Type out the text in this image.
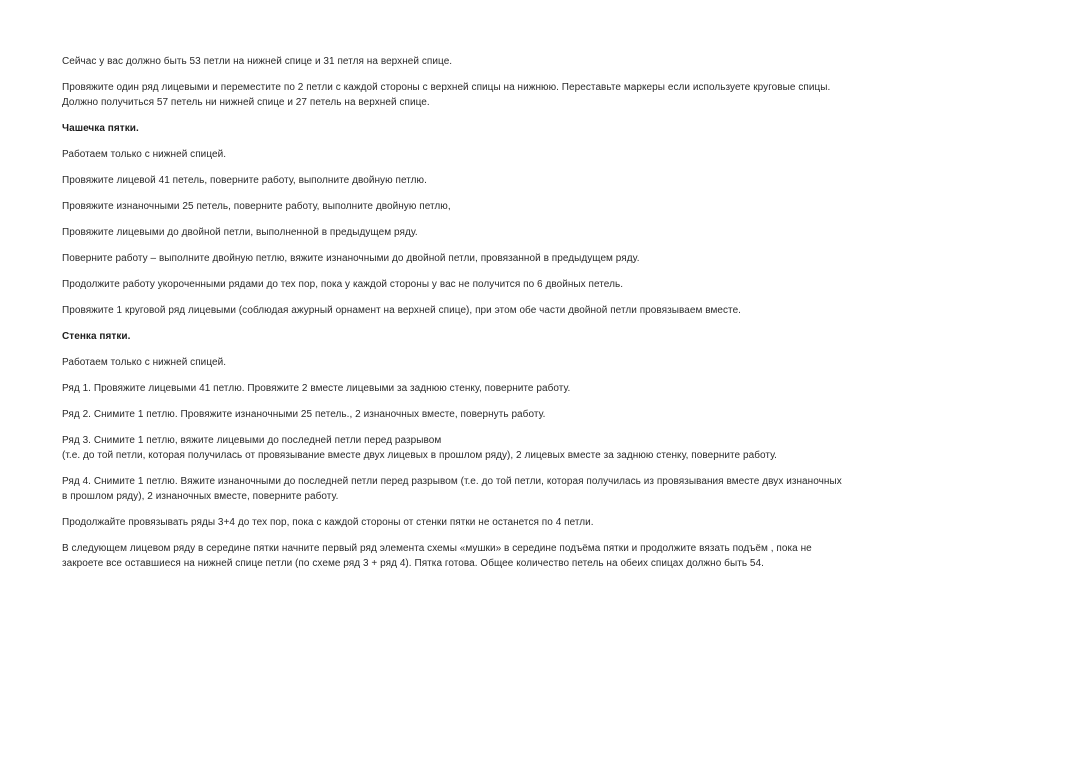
Сейчас у вас должно быть 53 петли на нижней спице и 31 петля на верхней спице.

Провяжите один ряд лицевыми и переместите по 2 петли с каждой стороны с верхней спицы на нижнюю. Переставьте маркеры если используете круговые спицы.
Должно получиться 57 петель ни нижней спице и 27 петель на верхней спице.

Чашечка пятки.

Работаем только с нижней спицей.

Провяжите лицевой 41 петель, поверните работу, выполните двойную петлю.

Провяжите изнаночными 25 петель, поверните работу, выполните двойную петлю,

Провяжите лицевыми до двойной петли, выполненной в предыдущем ряду.

Поверните работу – выполните двойную петлю, вяжите изнаночными до двойной петли, провязанной в предыдущем ряду.

Продолжите работу укороченными рядами до тех пор, пока у каждой стороны у вас не получится по 6 двойных петель.

Провяжите 1 круговой ряд лицевыми (соблюдая ажурный орнамент на верхней спице), при этом обе части двойной петли провязываем вместе.

Стенка пятки.

Работаем только с нижней спицей.

Ряд 1. Провяжите лицевыми 41 петлю. Провяжите 2 вместе лицевыми за заднюю стенку, поверните работу.

Ряд 2. Снимите 1 петлю. Провяжите изнаночными 25 петель., 2 изнаночных вместе, повернуть работу.

Ряд 3. Снимите 1 петлю, вяжите лицевыми до последней петли перед разрывом
(т.е. до той петли, которая получилась от провязывание вместе двух лицевых в прошлом ряду), 2 лицевых вместе за заднюю стенку, поверните работу.

Ряд 4. Снимите 1 петлю. Вяжите изнаночными до последней петли перед разрывом (т.е. до той петли, которая получилась из провязывания вместе двух изнаночных
в прошлом ряду), 2 изнаночных вместе, поверните работу.

Продолжайте провязывать ряды 3+4 до тех пор, пока с каждой стороны от стенки пятки не останется по 4 петли.

В следующем лицевом ряду в середине пятки начните первый ряд элемента схемы «мушки» в середине подъёма пятки и продолжите вязать подъём , пока не
закроете все оставшиеся на нижней спице петли (по схеме ряд 3 + ряд 4). Пятка готова. Общее количество петель на обеих спицах должно быть 54.
